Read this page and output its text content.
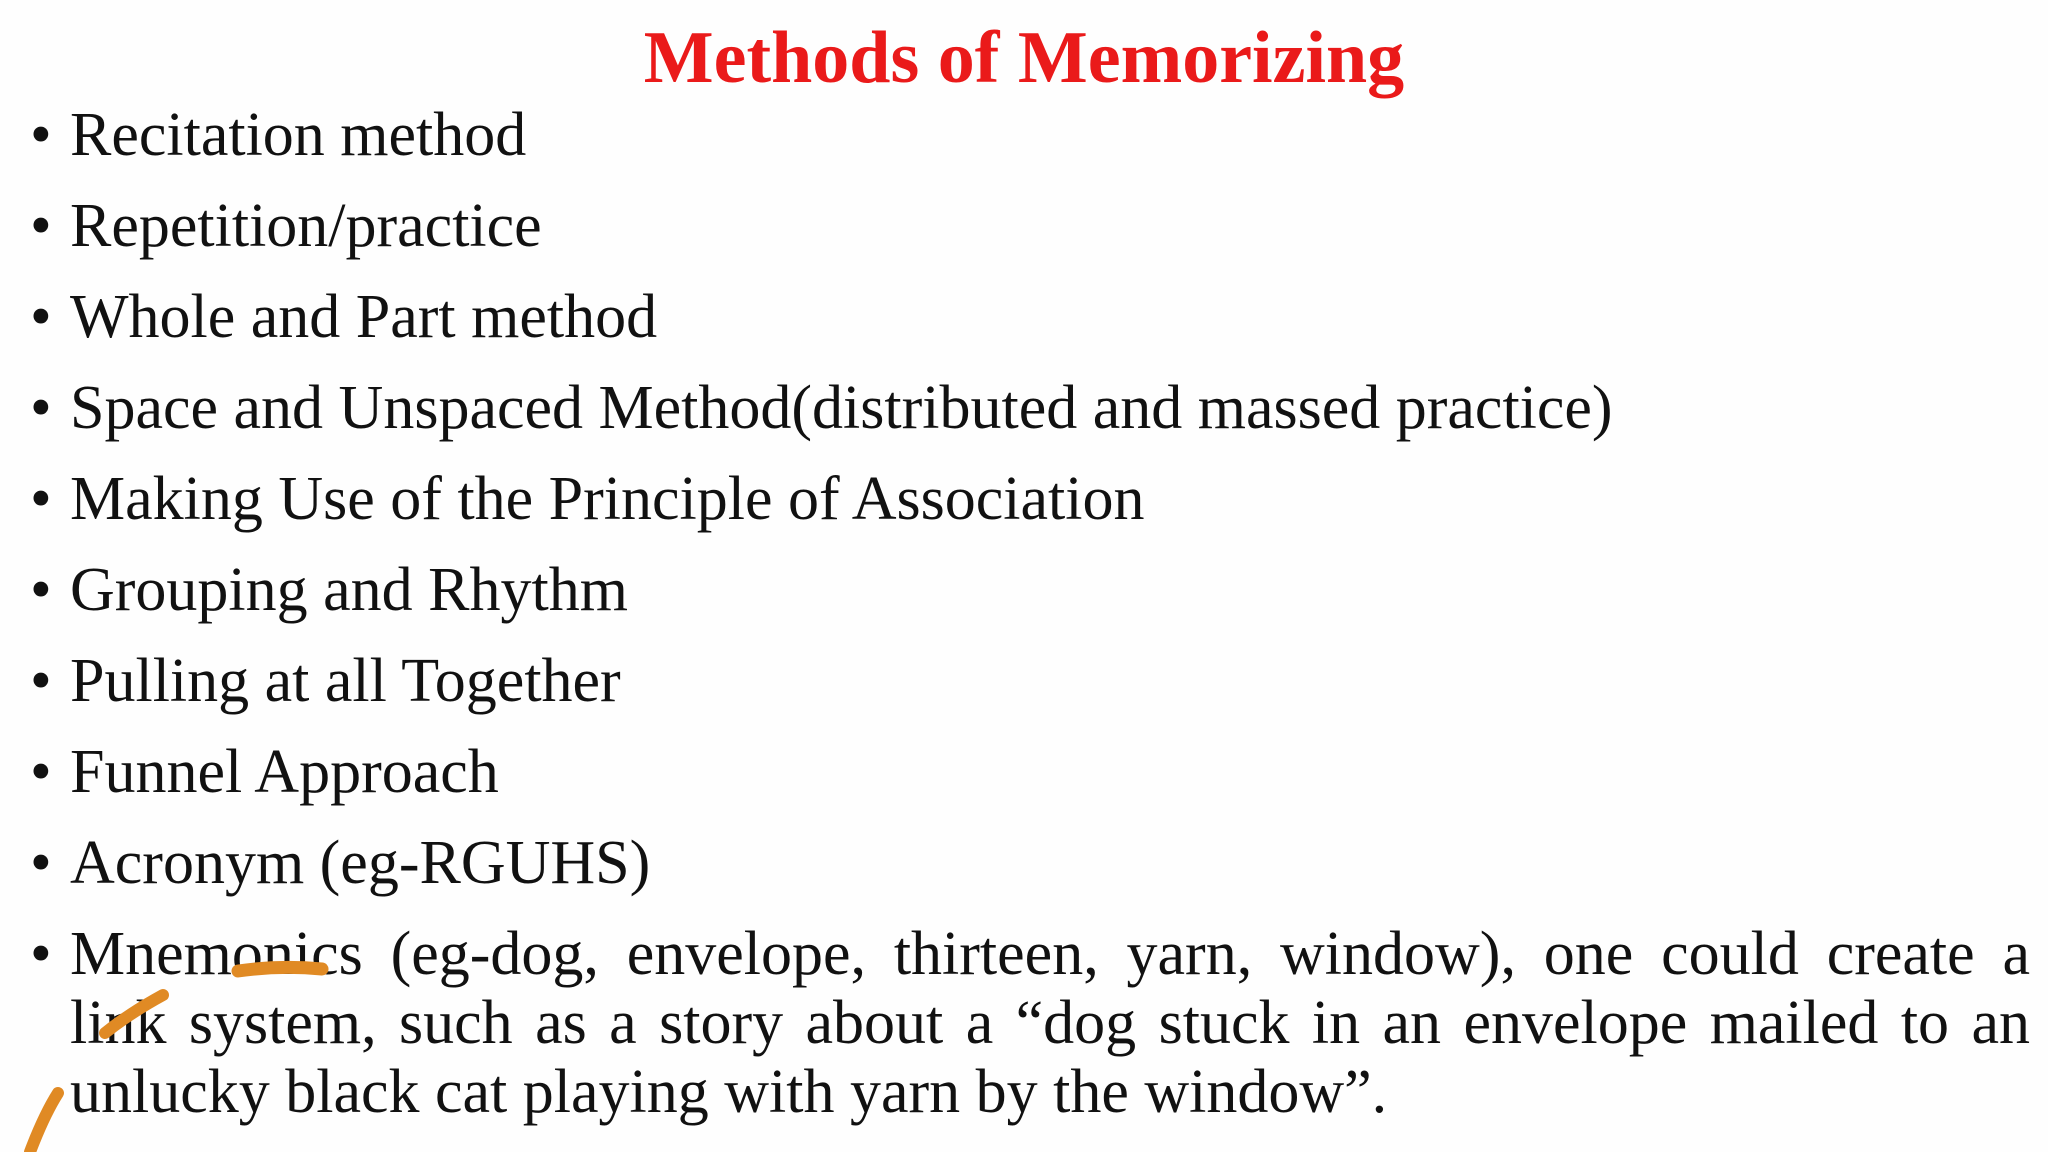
Methods of Memorizing
• Recitation method
• Repetition/practice
• Whole and Part method
• Space and Unspaced Method(distributed and massed practice)
• Making Use of the Principle of Association
• Grouping and Rhythm
• Pulling at all Together
• Funnel Approach
• Acronym (eg-RGUHS)
• Mnemonics (eg-dog, envelope, thirteen, yarn, window), one could create a link system, such as a story about a “dog stuck in an envelope mailed to an unlucky black cat playing with yarn by the window”.
